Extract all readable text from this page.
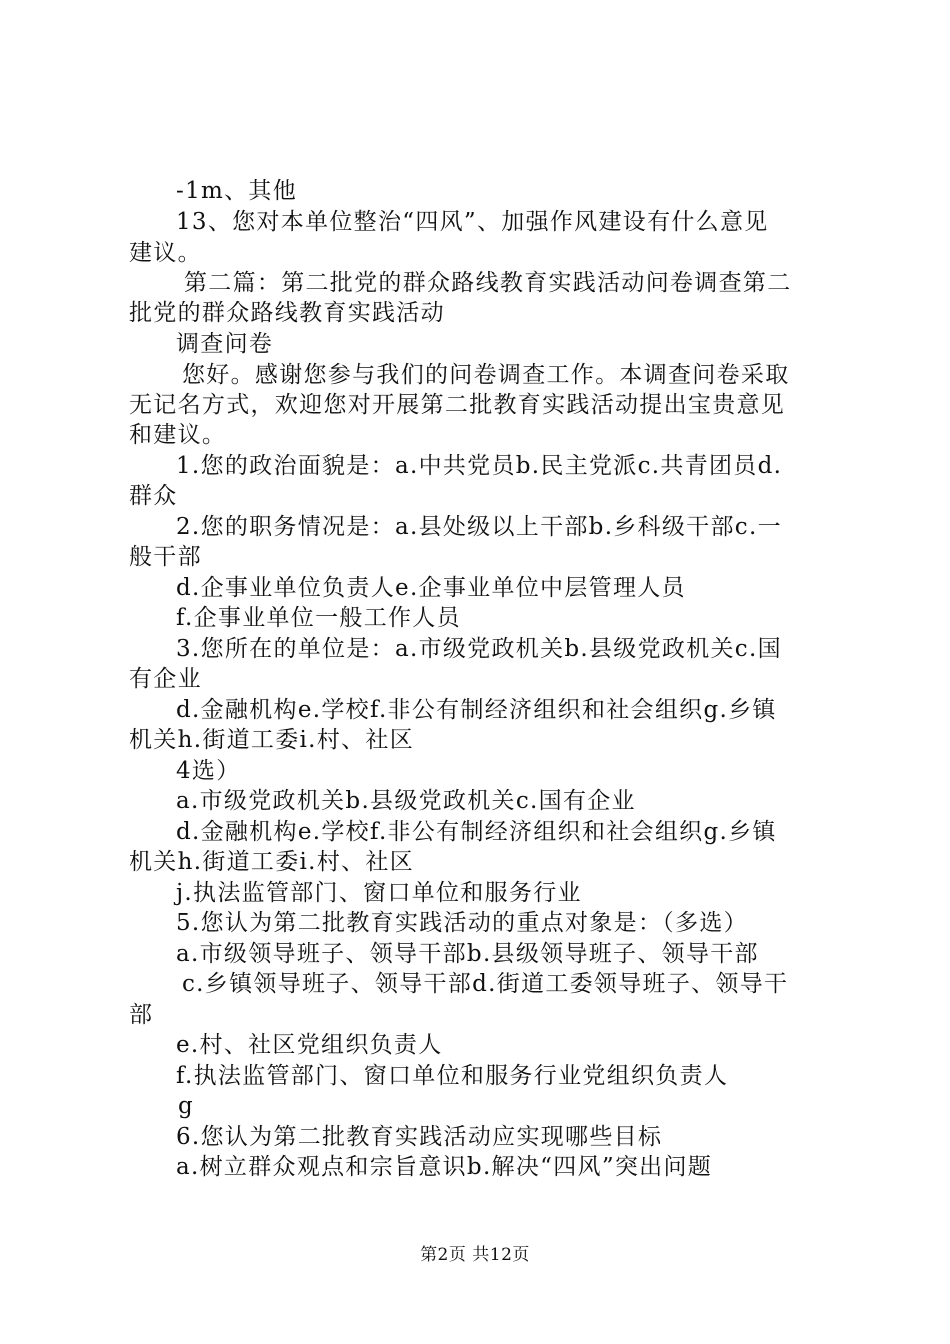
-1m、其他
13、您对本单位整治“四风”、加强作风建设有什么意见
建议。
第二篇：第二批党的群众路线教育实践活动问卷调查第二
批党的群众路线教育实践活动
调查问卷
您好。感谢您参与我们的问卷调查工作。本调查问卷采取
无记名方式，欢迎您对开展第二批教育实践活动提出宝贵意见
和建议。
1.您的政治面貌是：a.中共党员b.民主党派c.共青团员d.
群众
2.您的职务情况是：a.县处级以上干部b.乡科级干部c.一
般干部
d.企事业单位负责人e.企事业单位中层管理人员
f.企事业单位一般工作人员
3.您所在的单位是：a.市级党政机关b.县级党政机关c.国
有企业
d.金融机构e.学校f.非公有制经济组织和社会组织g.乡镇
机关h.街道工委i.村、社区
4选）
a.市级党政机关b.县级党政机关c.国有企业
d.金融机构e.学校f.非公有制经济组织和社会组织g.乡镇
机关h.街道工委i.村、社区
j.执法监管部门、窗口单位和服务行业
5.您认为第二批教育实践活动的重点对象是：（多选）
a.市级领导班子、领导干部b.县级领导班子、领导干部
c.乡镇领导班子、领导干部d.街道工委领导班子、领导干
部
e.村、社区党组织负责人
f.执法监管部门、窗口单位和服务行业党组织负责人
g
6.您认为第二批教育实践活动应实现哪些目标
a.树立群众观点和宗旨意识b.解决“四风”突出问题
第2页 共12页
